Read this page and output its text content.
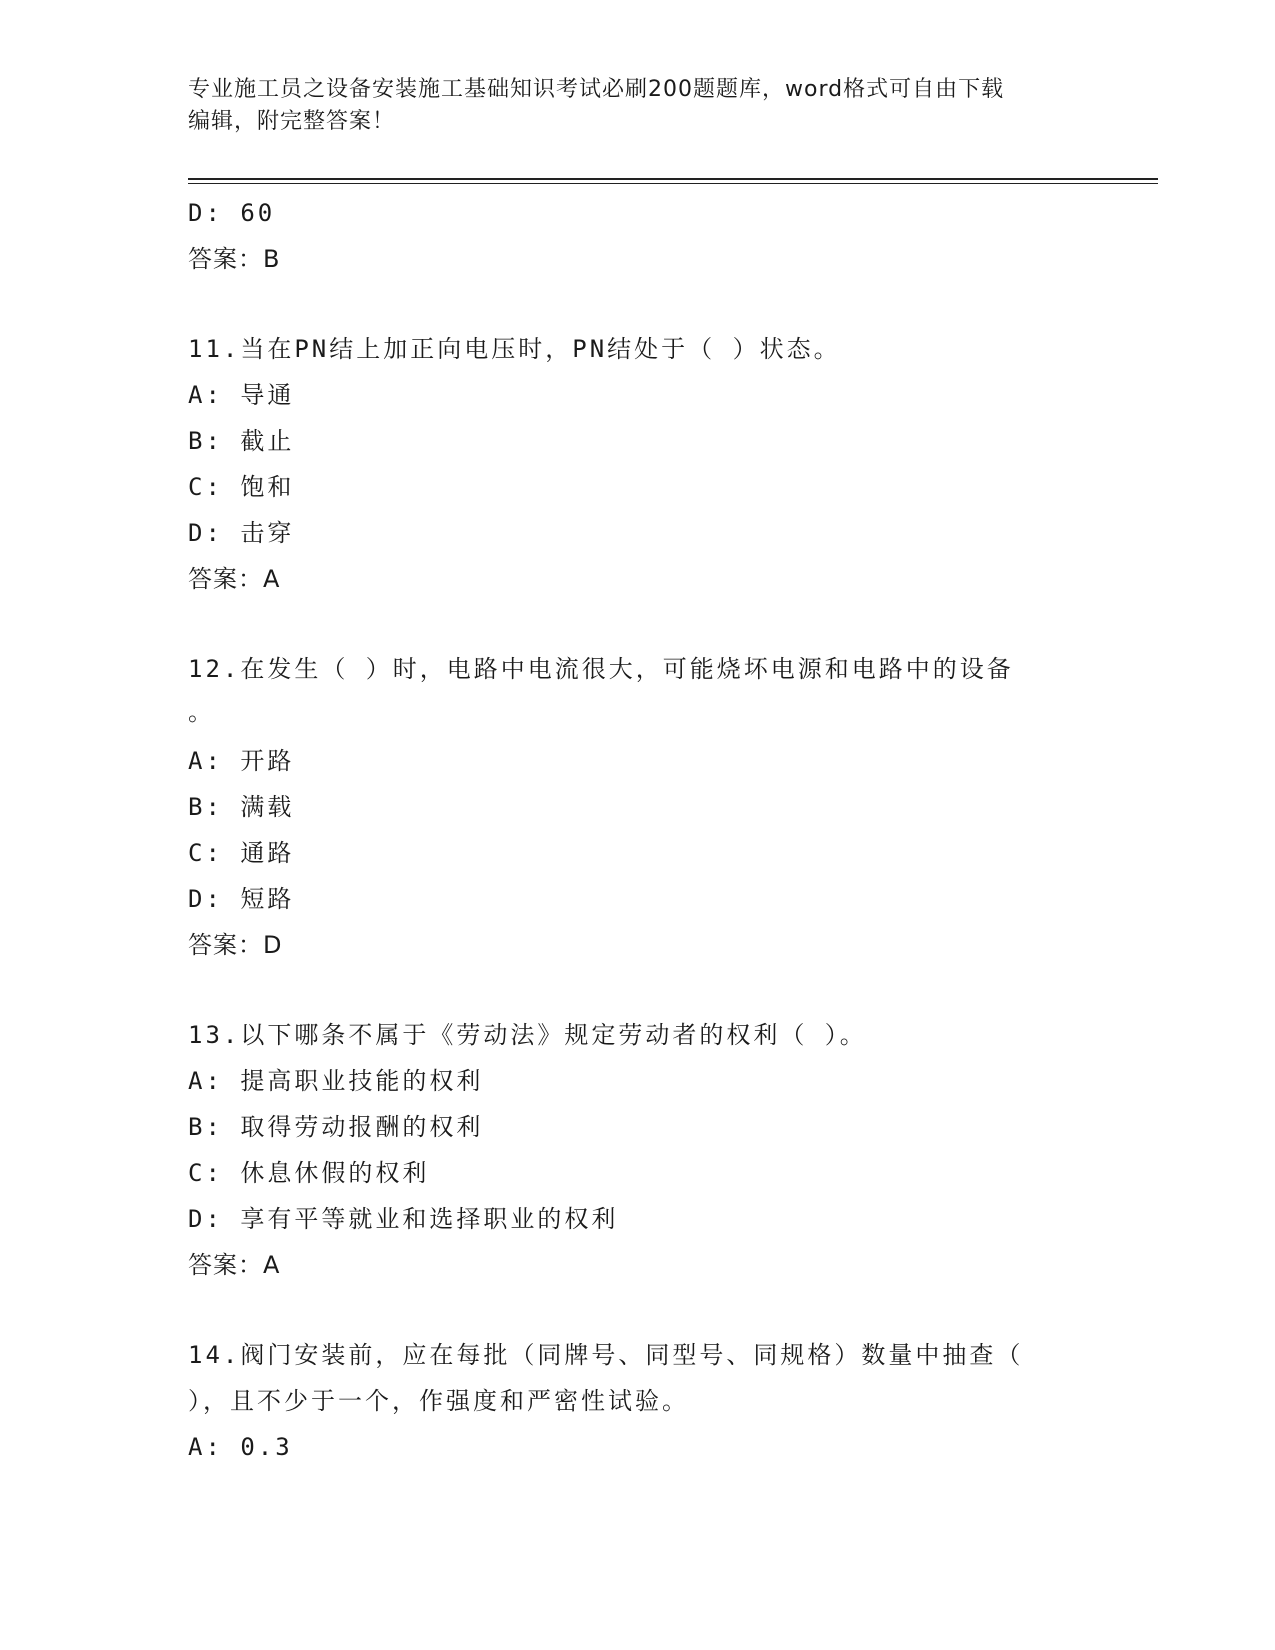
专业施工员之设备安装施工基础知识考试必刷200题题库，word格式可自由下载
编辑，附完整答案！
D: 60
答案：B
11.当在PN结上加正向电压时，PN结处于（ ）状态。
A: 导通
B: 截止
C: 饱和
D: 击穿
答案：A
12.在发生（ ）时，电路中电流很大，可能烧坏电源和电路中的设备
。
A: 开路
B: 满载
C: 通路
D: 短路
答案：D
13.以下哪条不属于《劳动法》规定劳动者的权利（ ）。
A: 提高职业技能的权利
B: 取得劳动报酬的权利
C: 休息休假的权利
D: 享有平等就业和选择职业的权利
答案：A
14.阀门安装前，应在每批（同牌号、同型号、同规格）数量中抽查（
），且不少于一个，作强度和严密性试验。
A: 0.3
